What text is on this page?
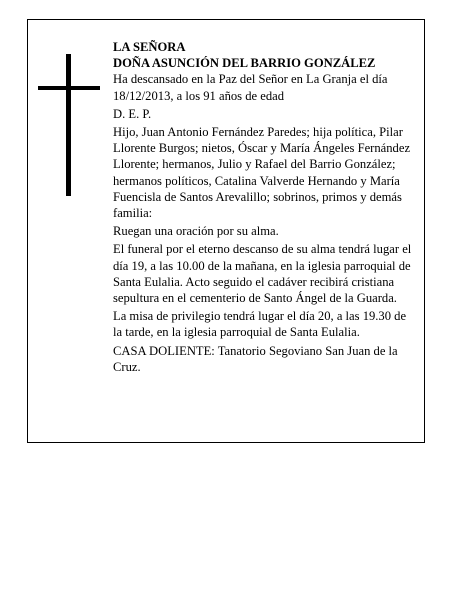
LA SEÑORA

DOÑA ASUNCIÓN DEL BARRIO GONZÁLEZ

Ha descansado en la Paz del Señor en La Granja el día 18/12/2013, a los 91 años de edad

D. E. P.

Hijo, Juan Antonio Fernández Paredes; hija política, Pilar Llorente Burgos; nietos, Óscar y María Ángeles Fernández Llorente; hermanos, Julio y Rafael del Barrio González; hermanos políticos, Catalina Valverde Hernando y María Fuencisla de Santos Arevalillo; sobrinos, primos y demás familia:

Ruegan una oración por su alma.

El funeral por el eterno descanso de su alma tendrá lugar el día 19, a las 10.00 de la mañana, en la iglesia parroquial de Santa Eulalia. Acto seguido el cadáver recibirá cristiana sepultura en el cementerio de Santo Ángel de la Guarda.

La misa de privilegio tendrá lugar el día 20, a las 19.30 de la tarde, en la iglesia parroquial de Santa Eulalia.

CASA DOLIENTE: Tanatorio Segoviano San Juan de la Cruz.
